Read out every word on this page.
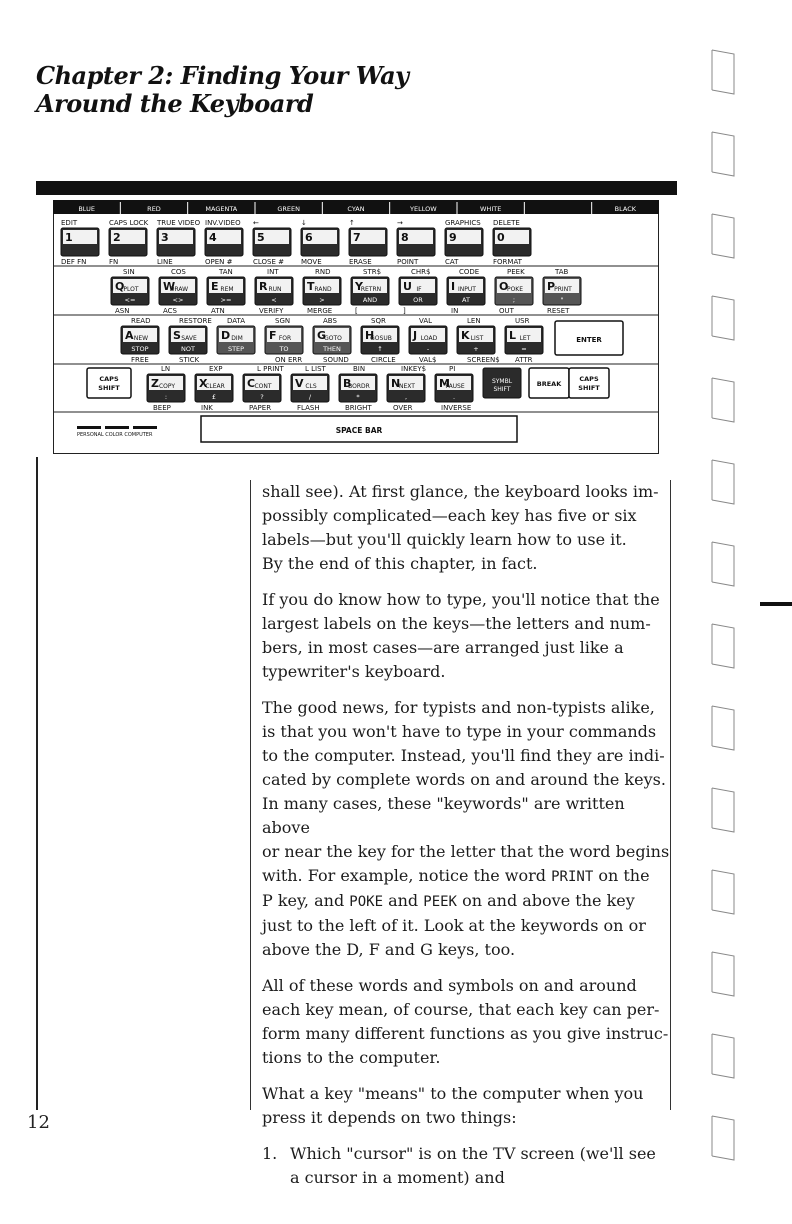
Chapter 2: Finding Your Way
Around the Keyboard
BLUE	RED	MAGENTA	GREEN	CYAN	YELLOW	WHITE	BLACK
EDIT	CAPS LOCK TRUE VIDEO INV.VIDEO ←	↓	↑	→	GRAPHICS DELETE
1	2	3	4	5	6	7	8	9	0
DEF FN	FN	LINE	OPEN #	CLOSE # MOVE	ERASE	POINT	CAT	FORMAT
SIN	COS	TAN	INT	RND	STR$	CHR$	CODE	PEEK	TAB
Q PLOT
<=
W
DRAW
<>
E REM
>=
R RUN
<
T RAND
>
Y
RETRN
AND
U IF
OR
I INPUT
AT
O
POKE
;
P PRINT
"
ASN	ACS	ATN	VERIFY	MERGE	[	]	IN	OUT	RESET
READ	RESTORE DATA	SGN	ABS	SQR	VAL	LEN	USR
A NEW
STOP
S SAVE
NOT
D DIM
STEP
F FOR
TO
G
GOTO
THEN
H
GOSUB
↑
J LOAD
-
K LIST
+
L LET
=
FREE	STICK	ON ERR	SOUND	CIRCLE	VAL$	SCREEN$ ATTR
ENTER
CAPS
SHIFT
LN	EXP	L PRINT	L LIST	BIN	INKEY$	PI
Z COPY
:
X
CLEAR
£
C CONT
?
V CLS
/
B
BORDR
*
N
NEXT
,
M
PAUSE
.
BEEP	INK	PAPER	FLASH	BRIGHT	OVER	INVERSE
SYMBL
SHIFT
BREAK
CAPS
SHIFT
PERSONAL COLOR COMPUTER	SPACE BAR

shall see). At first glance, the keyboard looks im-
possibly complicated—each key has five or six
labels—but you'll quickly learn how to use it.
By the end of this chapter, in fact.

If you do know how to type, you'll notice that the
largest labels on the keys—the letters and num-
bers, in most cases—are arranged just like a
typewriter's keyboard.

The good news, for typists and non-typists alike,
is that you won't have to type in your commands
to the computer. Instead, you'll find they are indi-
cated by complete words on and around the keys.
In many cases, these "keywords" are written above
or near the key for the letter that the word begins
with. For example, notice the word PRINT on the
P key, and POKE and PEEK on and above the key
just to the left of it. Look at the keywords on or
above the D, F and G keys, too.

All of these words and symbols on and around
each key mean, of course, that each key can per-
form many different functions as you give instruc-
tions to the computer.

What a key "means" to the computer when you
press it depends on two things:

1. Which "cursor" is on the TV screen (we'll see
a cursor in a moment) and
12
